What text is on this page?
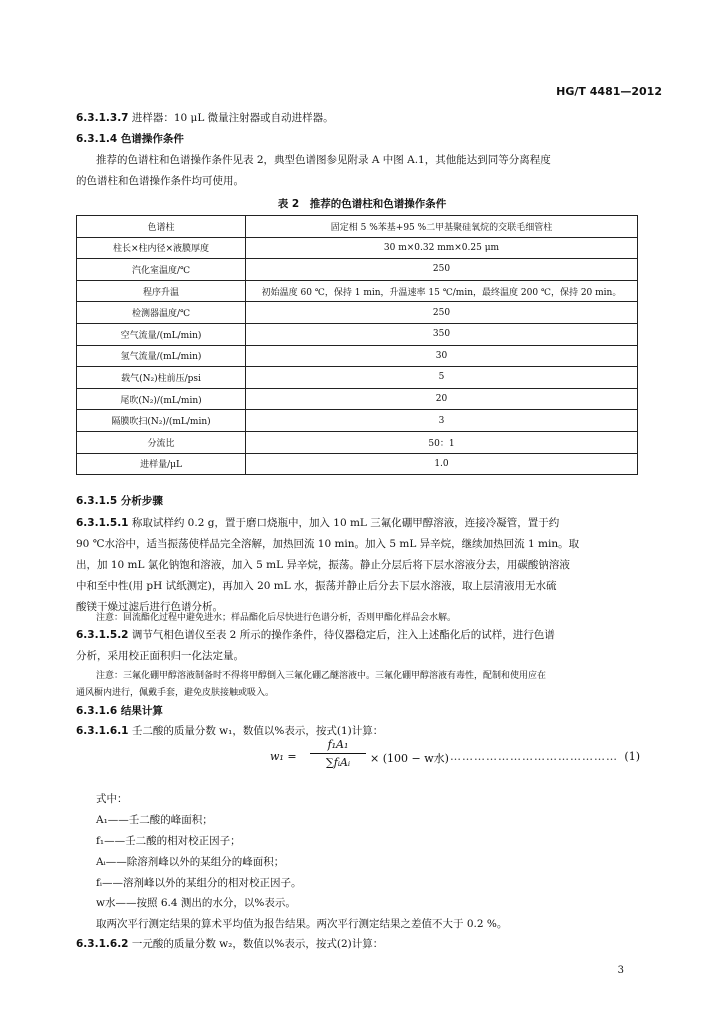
HG/T 4481—2012
6.3.1.3.7 进样器：10 μL 微量注射器或自动进样器。
6.3.1.4 色谱操作条件
推荐的色谱柱和色谱操作条件见表 2，典型色谱图参见附录 A 中图 A.1，其他能达到同等分离程度
的色谱柱和色谱操作条件均可使用。
表 2　推荐的色谱柱和色谱操作条件
色谱柱	固定相 5 %苯基+95 %二甲基聚硅氧烷的交联毛细管柱
柱长×柱内径×液膜厚度	30 m×0.32 mm×0.25 μm
汽化室温度/℃	250
程序升温	初始温度 60 ℃，保持 1 min，升温速率 15 ℃/min，最终温度 200 ℃，保持 20 min。
检测器温度/℃	250
空气流量/(mL/min)	350
氢气流量/(mL/min)	30
载气(N₂)柱前压/psi	5
尾吹(N₂)/(mL/min)	20
隔膜吹扫(N₂)/(mL/min)	3
分流比	50：1
进样量/μL	1.0
6.3.1.5 分析步骤
6.3.1.5.1 称取试样约 0.2 g，置于磨口烧瓶中，加入 10 mL 三氟化硼甲醇溶液，连接冷凝管，置于约
90 ℃水浴中，适当振荡使样品完全溶解，加热回流 10 min。加入 5 mL 异辛烷，继续加热回流 1 min。取
出，加 10 mL 氯化钠饱和溶液，加入 5 mL 异辛烷，振荡。静止分层后将下层水溶液分去，用碳酸钠溶液
中和至中性(用 pH 试纸测定)，再加入 20 mL 水，振荡并静止后分去下层水溶液，取上层清液用无水硫
酸镁干燥过滤后进行色谱分析。
注意：回流酯化过程中避免进水；样品酯化后尽快进行色谱分析，否则甲酯化样品会水解。
6.3.1.5.2 调节气相色谱仪至表 2 所示的操作条件，待仪器稳定后，注入上述酯化后的试样，进行色谱
分析，采用校正面积归一化法定量。
注意：三氟化硼甲醇溶液制备时不得将甲醇倒入三氟化硼乙醚溶液中。三氟化硼甲醇溶液有毒性，配制和使用应在
通风橱内进行，佩戴手套，避免皮肤接触或吸入。
6.3.1.6 结果计算
6.3.1.6.1 壬二酸的质量分数 w₁，数值以%表示，按式(1)计算：
w₁ =
f₁A₁
∑fᵢAᵢ	× (100 − w水) …………………………………… (1)
式中：
A₁——壬二酸的峰面积；
f₁——壬二酸的相对校正因子；
Aᵢ——除溶剂峰以外的某组分的峰面积；
fᵢ——溶剂峰以外的某组分的相对校正因子。
w水——按照 6.4 测出的水分，以%表示。
取两次平行测定结果的算术平均值为报告结果。两次平行测定结果之差值不大于 0.2 %。
6.3.1.6.2 一元酸的质量分数 w₂，数值以%表示，按式(2)计算：
3
